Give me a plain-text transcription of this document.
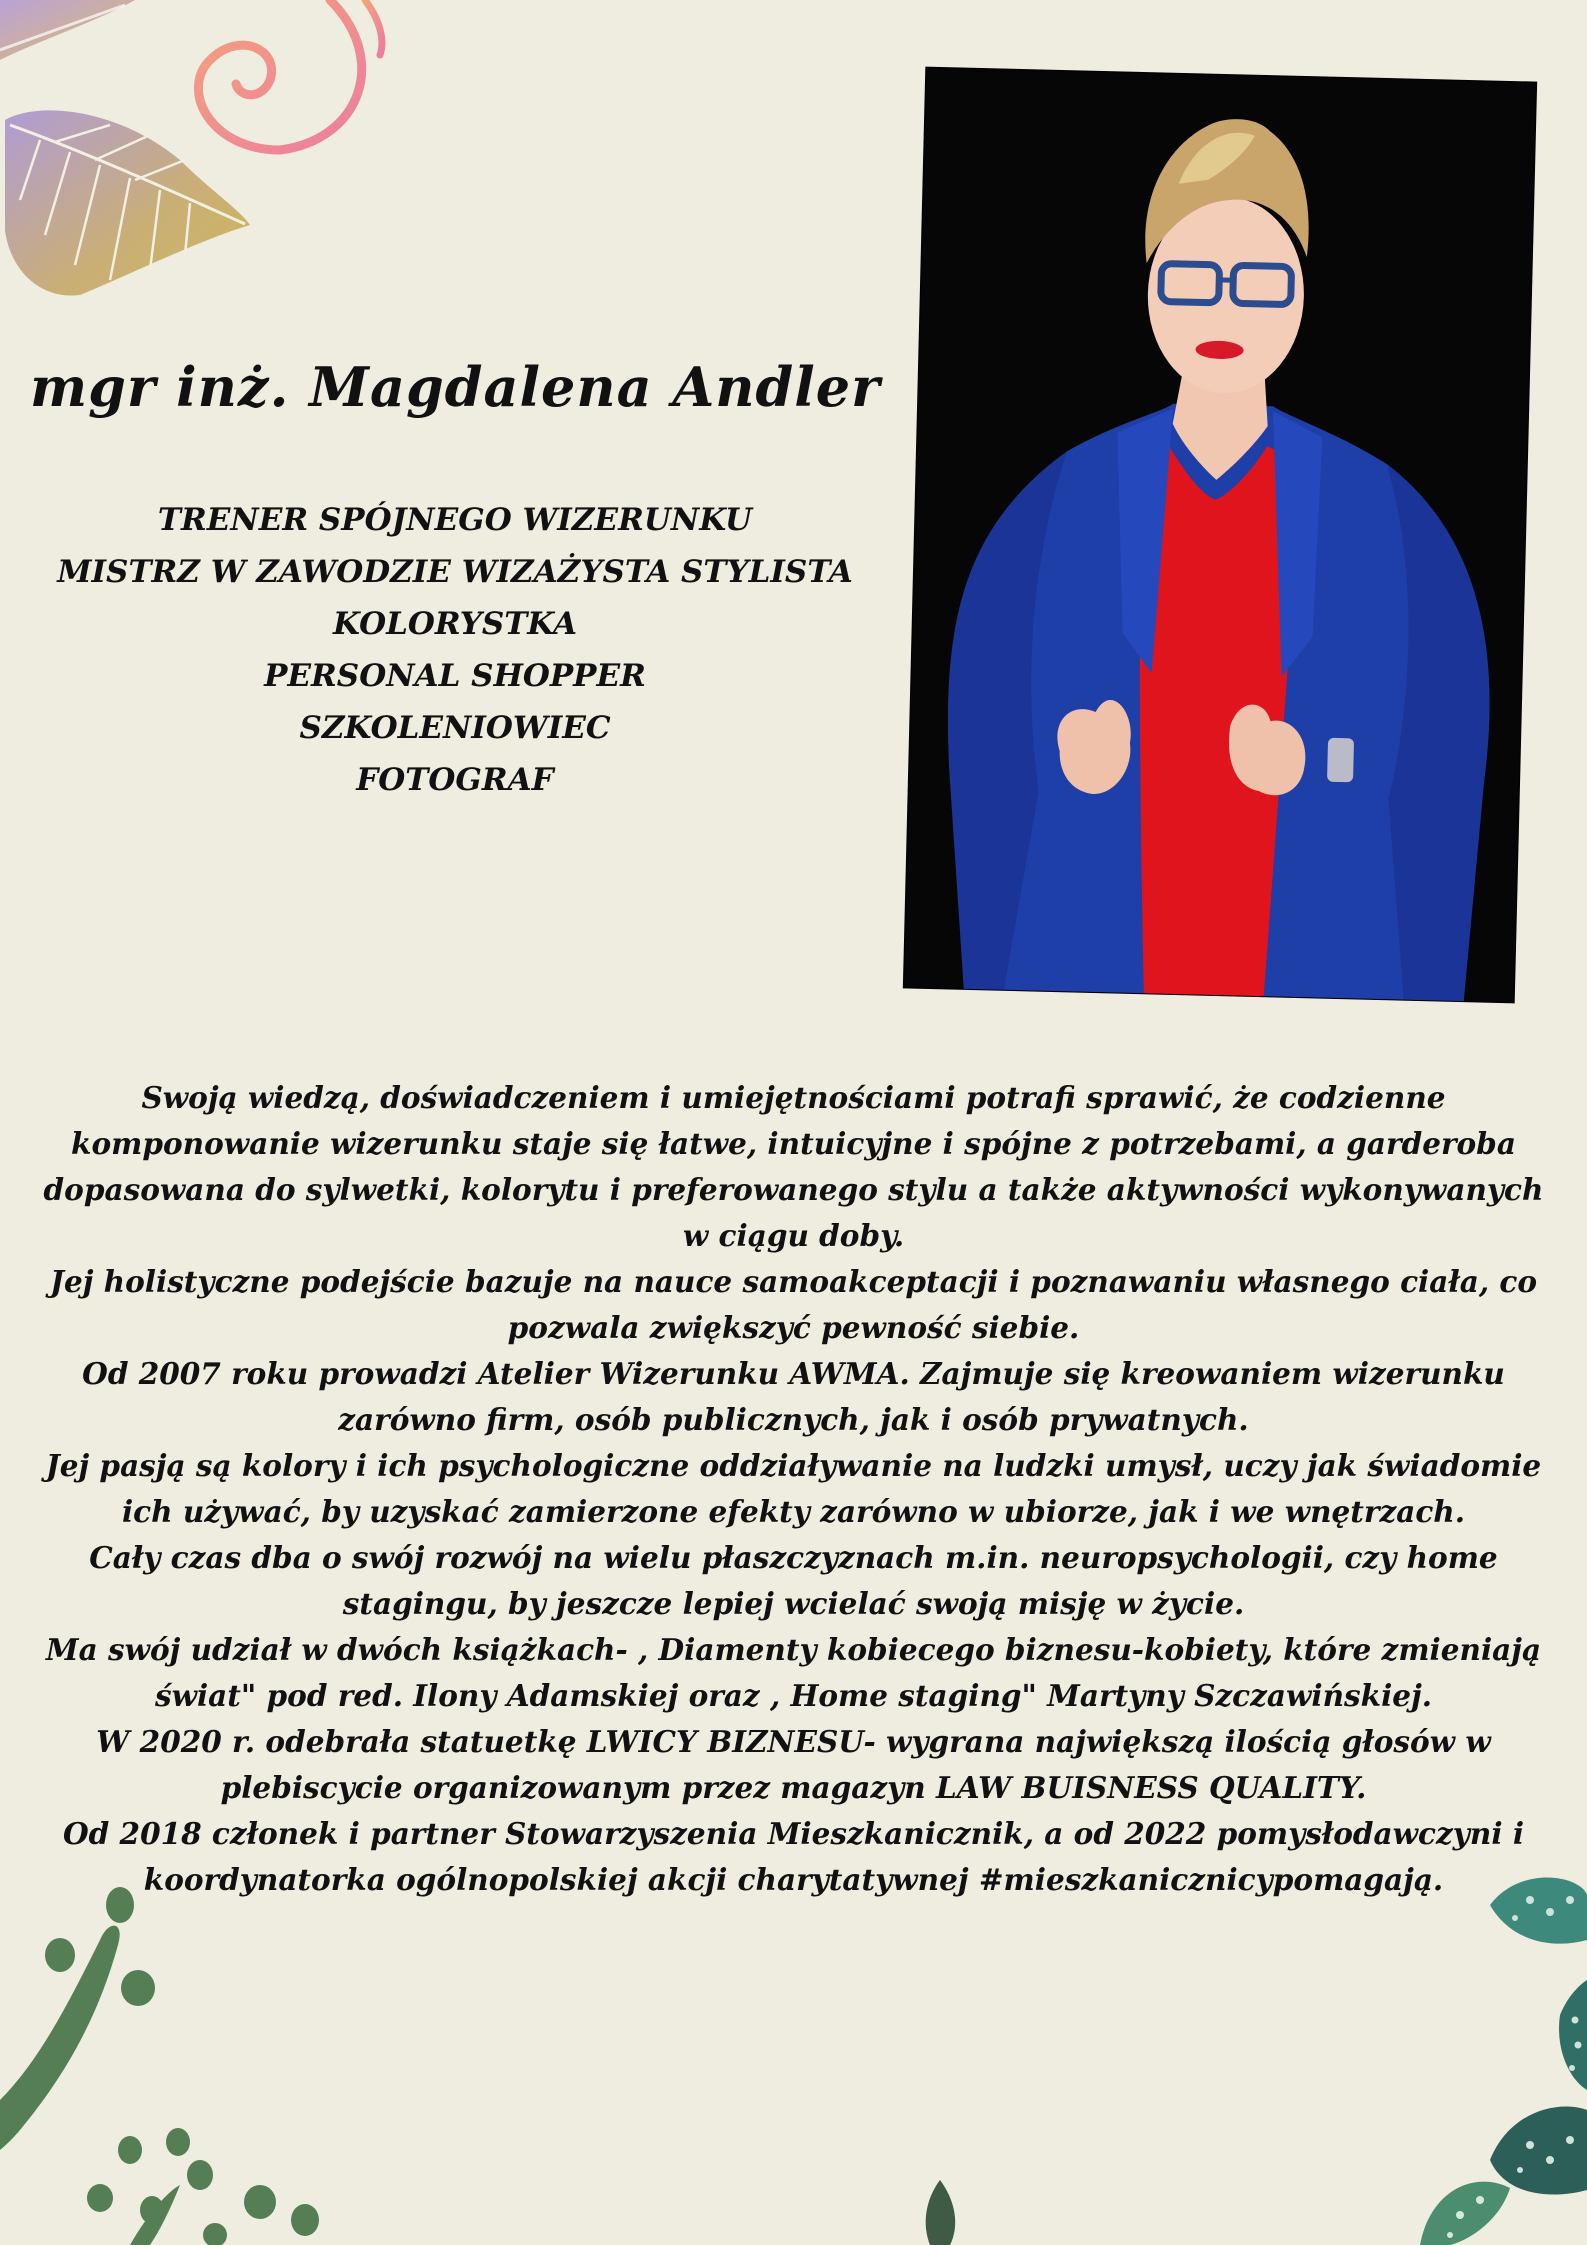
mgr inż. Magdalena Andler
TRENER SPÓJNEGO WIZERUNKU
MISTRZ W ZAWODZIE WIZAŻYSTA STYLISTA
KOLORYSTKA
PERSONAL SHOPPER
SZKOLENIOWIEC
FOTOGRAF

Swoją wiedzą, doświadczeniem i umiejętnościami potrafi sprawić, że codzienne komponowanie wizerunku staje się łatwe, intuicyjne i spójne z potrzebami, a garderoba dopasowana do sylwetki, kolorytu i preferowanego stylu a także aktywności wykonywanych w ciągu doby.

Jej holistyczne podejście bazuje na nauce samoakceptacji i poznawaniu własnego ciała, co pozwala zwiększyć pewność siebie.

Od 2007 roku prowadzi Atelier Wizerunku AWMA. Zajmuje się kreowaniem wizerunku zarówno firm, osób publicznych, jak i osób prywatnych.

Jej pasją są kolory i ich psychologiczne oddziaływanie na ludzki umysł, uczy jak świadomie ich używać, by uzyskać zamierzone efekty zarówno w ubiorze, jak i we wnętrzach.

Cały czas dba o swój rozwój na wielu płaszczyznach m.in. neuropsychologii, czy home stagingu, by jeszcze lepiej wcielać swoją misję w życie.

Ma swój udział w dwóch książkach- , Diamenty kobiecego biznesu-kobiety, które zmieniają świat" pod red. Ilony Adamskiej oraz , Home staging" Martyny Szczawińskiej.

W 2020 r. odebrała statuetkę LWICY BIZNESU- wygrana największą ilością głosów w plebiscycie organizowanym przez magazyn LAW BUISNESS QUALITY.

Od 2018 członek i partner Stowarzyszenia Mieszkanicznik, a od 2022 pomysłodawczyni i koordynatorka ogólnopolskiej akcji charytatywnej #mieszkanicznicypomagają.
